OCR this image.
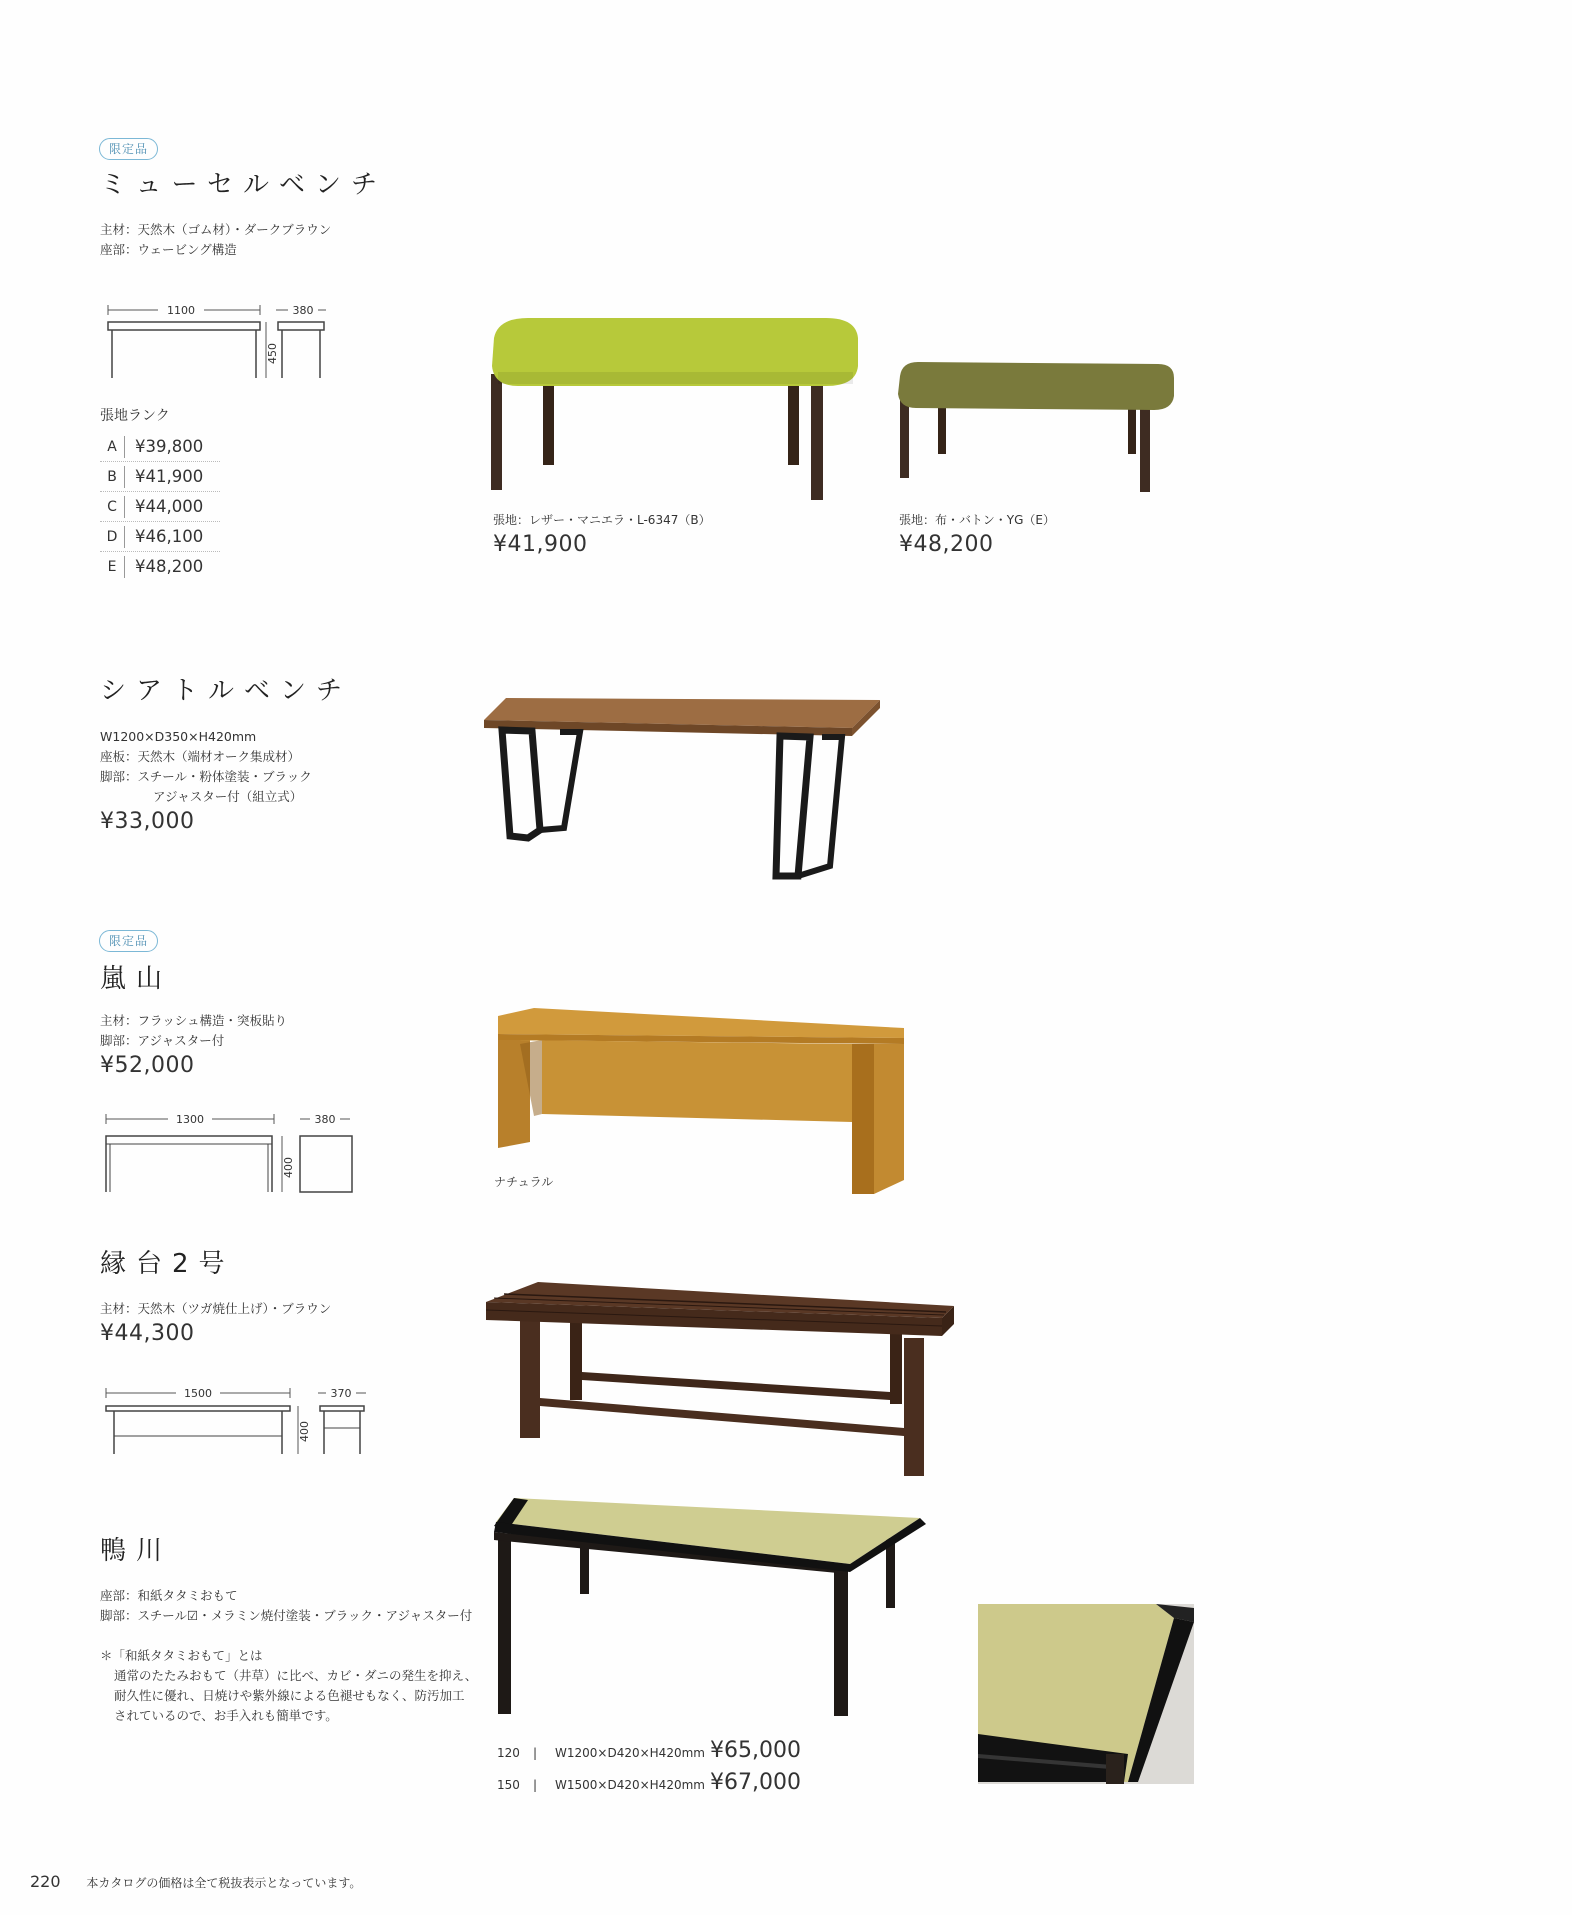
限定品
ミューセルベンチ
主材：天然木（ゴム材）・ダークブラウン
座部：ウェービング構造
1100
450
380
張地ランク
A	¥39,800
B	¥41,900
C	¥44,000
D	¥46,100
E	¥48,200
張地：レザー・マニエラ・L-6347（B）
¥41,900
張地：布・バトン・YG（E）
¥48,200
シアトルベンチ
W1200×D350×H420mm
座板：天然木（端材オーク集成材）
脚部：スチール・粉体塗装・ブラック
アジャスター付（組立式）
¥33,000
限定品
嵐山
主材：フラッシュ構造・突板貼り
脚部：アジャスター付
¥52,000
1300
400
380
ナチュラル
縁台2号
主材：天然木（ツガ焼仕上げ）・ブラウン
¥44,300
1500
400
370
鴨川
座部：和紙タタミおもて
脚部：スチール☑・メラミン焼付塗装・ブラック・アジャスター付
＊「和紙タタミおもて」とは
通常のたたみおもて（井草）に比べ、カビ・ダニの発生を抑え、
耐久性に優れ、日焼けや紫外線による色褪せもなく、防汚加工
されているので、お手入れも簡単です。
120	|	W1200×D420×H420mm ¥65,000
150	|	W1500×D420×H420mm ¥67,000
220 本カタログの価格は全て税抜表示となっています。
